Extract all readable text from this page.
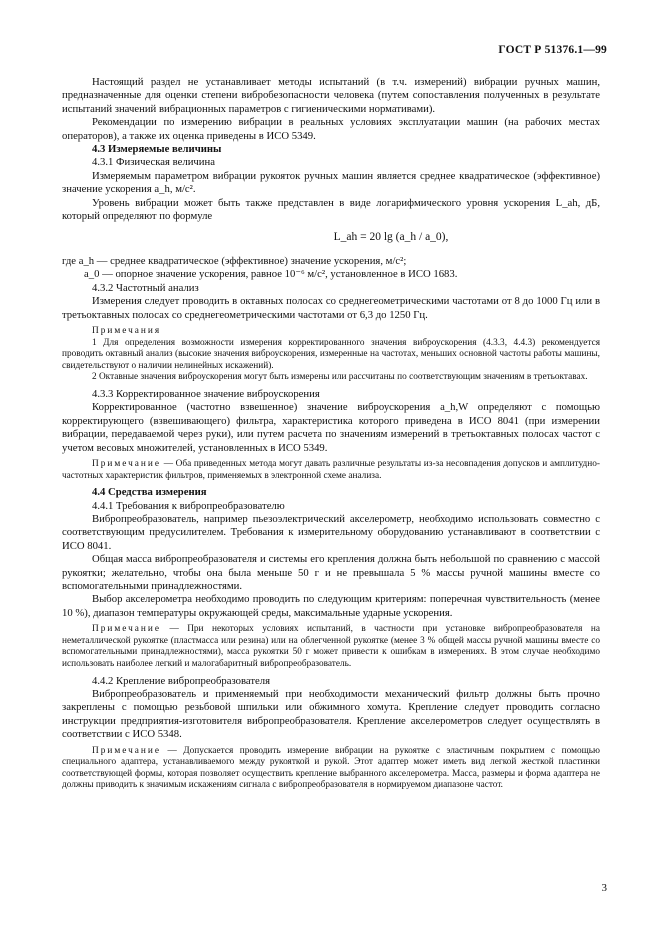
ГОСТ Р 51376.1—99

Настоящий раздел не устанавливает методы испытаний (в т.ч. измерений) вибрации ручных машин, предназначенные для оценки степени вибробезопасности человека (путем сопоставления полученных в результате испытаний значений вибрационных параметров с гигиеническими нормативами).

Рекомендации по измерению вибрации в реальных условиях эксплуатации машин (на рабочих местах операторов), а также их оценка приведены в ИСО 5349.

4.3 Измеряемые величины

4.3.1 Физическая величина

Измеряемым параметром вибрации рукояток ручных машин является среднее квадратическое (эффективное) значение ускорения a_h, м/с².

Уровень вибрации может быть также представлен в виде логарифмического уровня ускорения L_ah, дБ, который определяют по формуле

L_ah = 20 lg (a_h / a_0),

где a_h — среднее квадратическое (эффективное) значение ускорения, м/с²;

a_0 — опорное значение ускорения, равное 10⁻⁶ м/с², установленное в ИСО 1683.

4.3.2 Частотный анализ

Измерения следует проводить в октавных полосах со среднегеометрическими частотами от 8 до 1000 Гц или в третьоктавных полосах со среднегеометрическими частотами от 6,3 до 1250 Гц.

Примечания

1 Для определения возможности измерения корректированного значения виброускорения (4.3.3, 4.4.3) рекомендуется проводить октавный анализ (высокие значения виброускорения, измеренные на частотах, меньших основной частоты работы машины, свидетельствуют о наличии нелинейных искажений).

2 Октавные значения виброускорения могут быть измерены или рассчитаны по соответствующим значениям в третьоктавах.

4.3.3 Корректированное значение виброускорения

Корректированное (частотно взвешенное) значение виброускорения a_h,W определяют с помощью корректирующего (взвешивающего) фильтра, характеристика которого приведена в ИСО 8041 (при измерении вибрации, передаваемой через руки), или путем расчета по значениям измерений в третьоктавных полосах частот с учетом весовых множителей, установленных в ИСО 5349.

Примечание — Оба приведенных метода могут давать различные результаты из-за несовпадения допусков и амплитудно-частотных характеристик фильтров, применяемых в электронной схеме анализа.

4.4 Средства измерения

4.4.1 Требования к вибропреобразователю

Вибропреобразователь, например пьезоэлектрический акселерометр, необходимо использовать совместно с соответствующим предусилителем. Требования к измерительному оборудованию устанавливают в соответствии с ИСО 8041.

Общая масса вибропреобразователя и системы его крепления должна быть небольшой по сравнению с массой рукоятки; желательно, чтобы она была меньше 50 г и не превышала 5 % массы ручной машины вместе со вспомогательными принадлежностями.

Выбор акселерометра необходимо проводить по следующим критериям: поперечная чувствительность (менее 10 %), диапазон температуры окружающей среды, максимальные ударные ускорения.

Примечание — При некоторых условиях испытаний, в частности при установке вибропреобразователя на неметаллической рукоятке (пластмасса или резина) или на облегченной рукоятке (менее 3 % общей массы ручной машины вместе со вспомогательными принадлежностями), масса рукоятки 50 г может привести к ошибкам в измерениях. В этом случае необходимо использовать наиболее легкий и малогабаритный вибропреобразователь.

4.4.2 Крепление вибропреобразователя

Вибропреобразователь и применяемый при необходимости механический фильтр должны быть прочно закреплены с помощью резьбовой шпильки или обжимного хомута. Крепление следует проводить согласно инструкции предприятия-изготовителя вибропреобразователя. Крепление акселерометров следует осуществлять в соответствии с ИСО 5348.

Примечание — Допускается проводить измерение вибрации на рукоятке с эластичным покрытием с помощью специального адаптера, устанавливаемого между рукояткой и рукой. Этот адаптер может иметь вид легкой жесткой пластинки соответствующей формы, которая позволяет осуществить крепление выбранного акселерометра. Масса, размеры и форма адаптера не должны приводить к значимым искажениям сигнала с вибропреобразователя в нормируемом диапазоне частот.

3
